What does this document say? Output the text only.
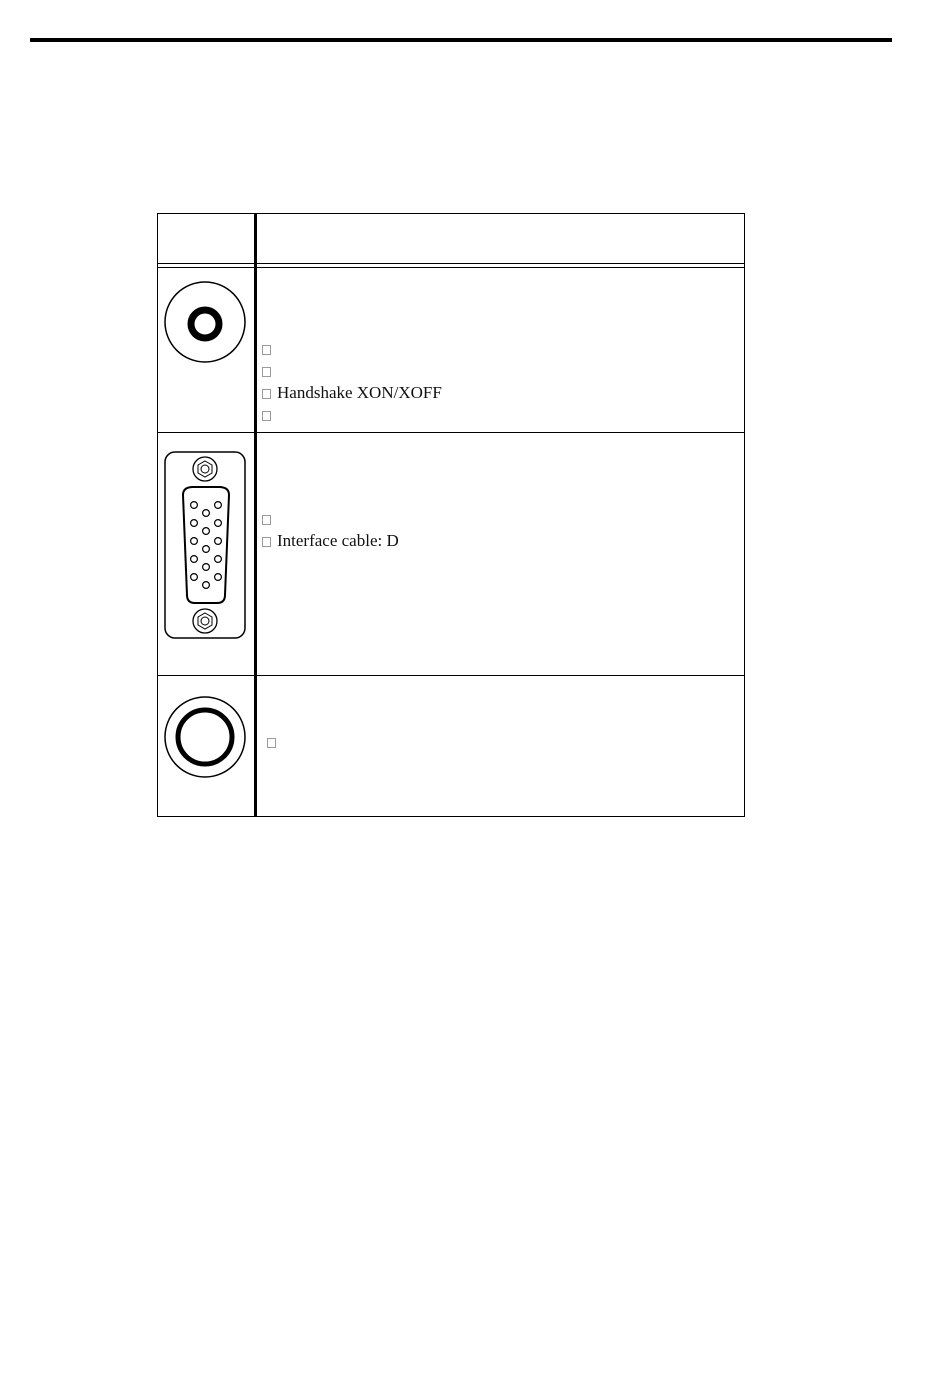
Handshake XON/XOFF
Interface cable: D
